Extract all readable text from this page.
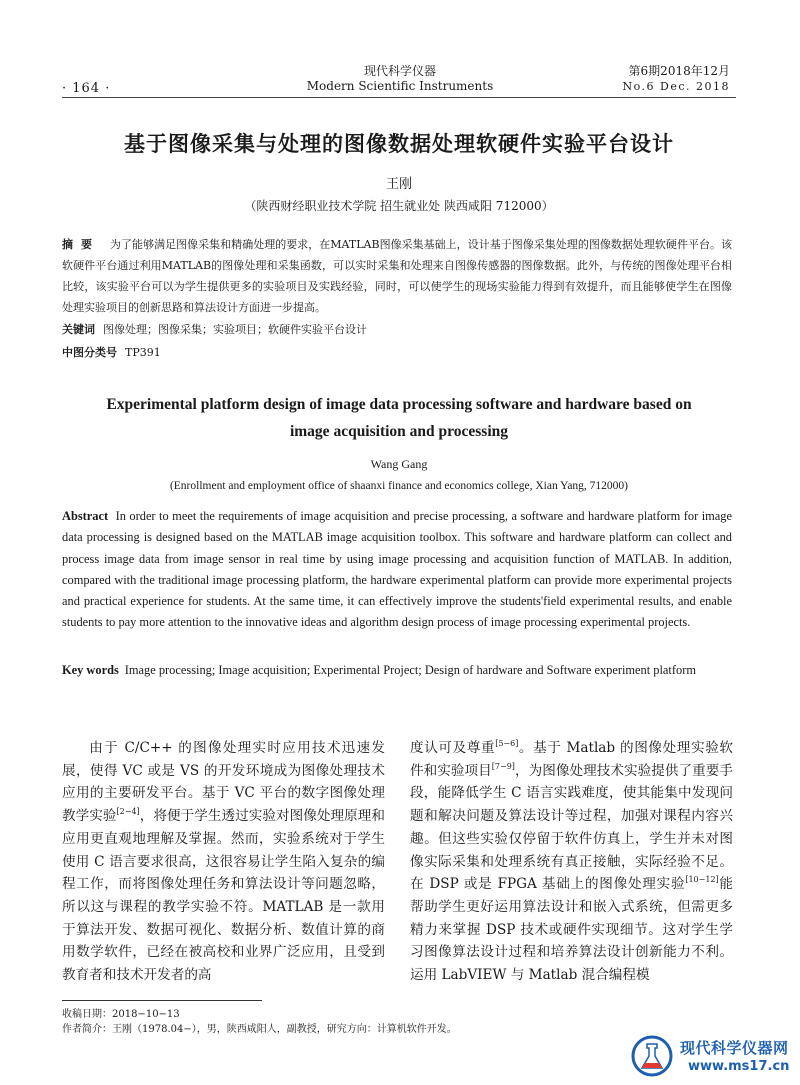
· 164 ·
现代科学仪器
Modern Scientific Instruments
第6期2018年12月
No.6 Dec. 2018
基于图像采集与处理的图像数据处理软硬件实验平台设计
王刚
（陕西财经职业技术学院 招生就业处 陕西咸阳 712000）
摘要 为了能够满足图像采集和精确处理的要求，在MATLAB图像采集基础上，设计基于图像采集处理的图像数据处理软硬件平台。该软硬件平台通过利用MATLAB的图像处理和采集函数，可以实时采集和处理来自图像传感器的图像数据。此外，与传统的图像处理平台相比较，该实验平台可以为学生提供更多的实验项目及实践经验，同时，可以使学生的现场实验能力得到有效提升，而且能够使学生在图像处理实验项目的创新思路和算法设计方面进一步提高。
关键词 图像处理；图像采集；实验项目；软硬件实验平台设计
中图分类号 TP391
Experimental platform design of image data processing software and hardware based on
image acquisition and processing
Wang Gang
(Enrollment and employment office of shaanxi finance and economics college, Xian Yang, 712000)
Abstract In order to meet the requirements of image acquisition and precise processing, a software and hardware platform for image data processing is designed based on the MATLAB image acquisition toolbox. This software and hardware platform can collect and process image data from image sensor in real time by using image processing and acquisition function of MATLAB. In addition, compared with the traditional image processing platform, the hardware experimental platform can provide more experimental projects and practical experience for students. At the same time, it can effectively improve the students'field experimental results, and enable students to pay more attention to the innovative ideas and algorithm design process of image processing experimental projects.
Key words Image processing; Image acquisition; Experimental Project; Design of hardware and Software experiment platform

由于 C/C++ 的图像处理实时应用技术迅速发展，使得 VC 或是 VS 的开发环境成为图像处理技术应用的主要研发平台。基于 VC 平台的数字图像处理教学实验[2−4]，将便于学生透过实验对图像处理原理和应用更直观地理解及掌握。然而，实验系统对于学生使用 C 语言要求很高，这很容易让学生陷入复杂的编程工作，而将图像处理任务和算法设计等问题忽略，所以这与课程的教学实验不符。MATLAB 是一款用于算法开发、数据可视化、数据分析、数值计算的商用数学软件，已经在被高校和业界广泛应用，且受到教育者和技术开发者的高

度认可及尊重[5−6]。基于 Matlab 的图像处理实验软件和实验项目[7−9]，为图像处理技术实验提供了重要手段，能降低学生 C 语言实践难度，使其能集中发现问题和解决问题及算法设计等过程，加强对课程内容兴趣。但这些实验仅停留于软件仿真上，学生并未对图像实际采集和处理系统有真正接触，实际经验不足。在 DSP 或是 FPGA 基础上的图像处理实验[10−12]能帮助学生更好运用算法设计和嵌入式系统，但需更多精力来掌握 DSP 技术或硬件实现细节。这对学生学习图像算法设计过程和培养算法设计创新能力不利。运用 LabVIEW 与 Matlab 混合编程模

收稿日期：2018−10−13
作者简介：王刚（1978.04−），男，陕西咸阳人，副教授，研究方向：计算机软件开发。
现代科学仪器网
www.ms17.cn
